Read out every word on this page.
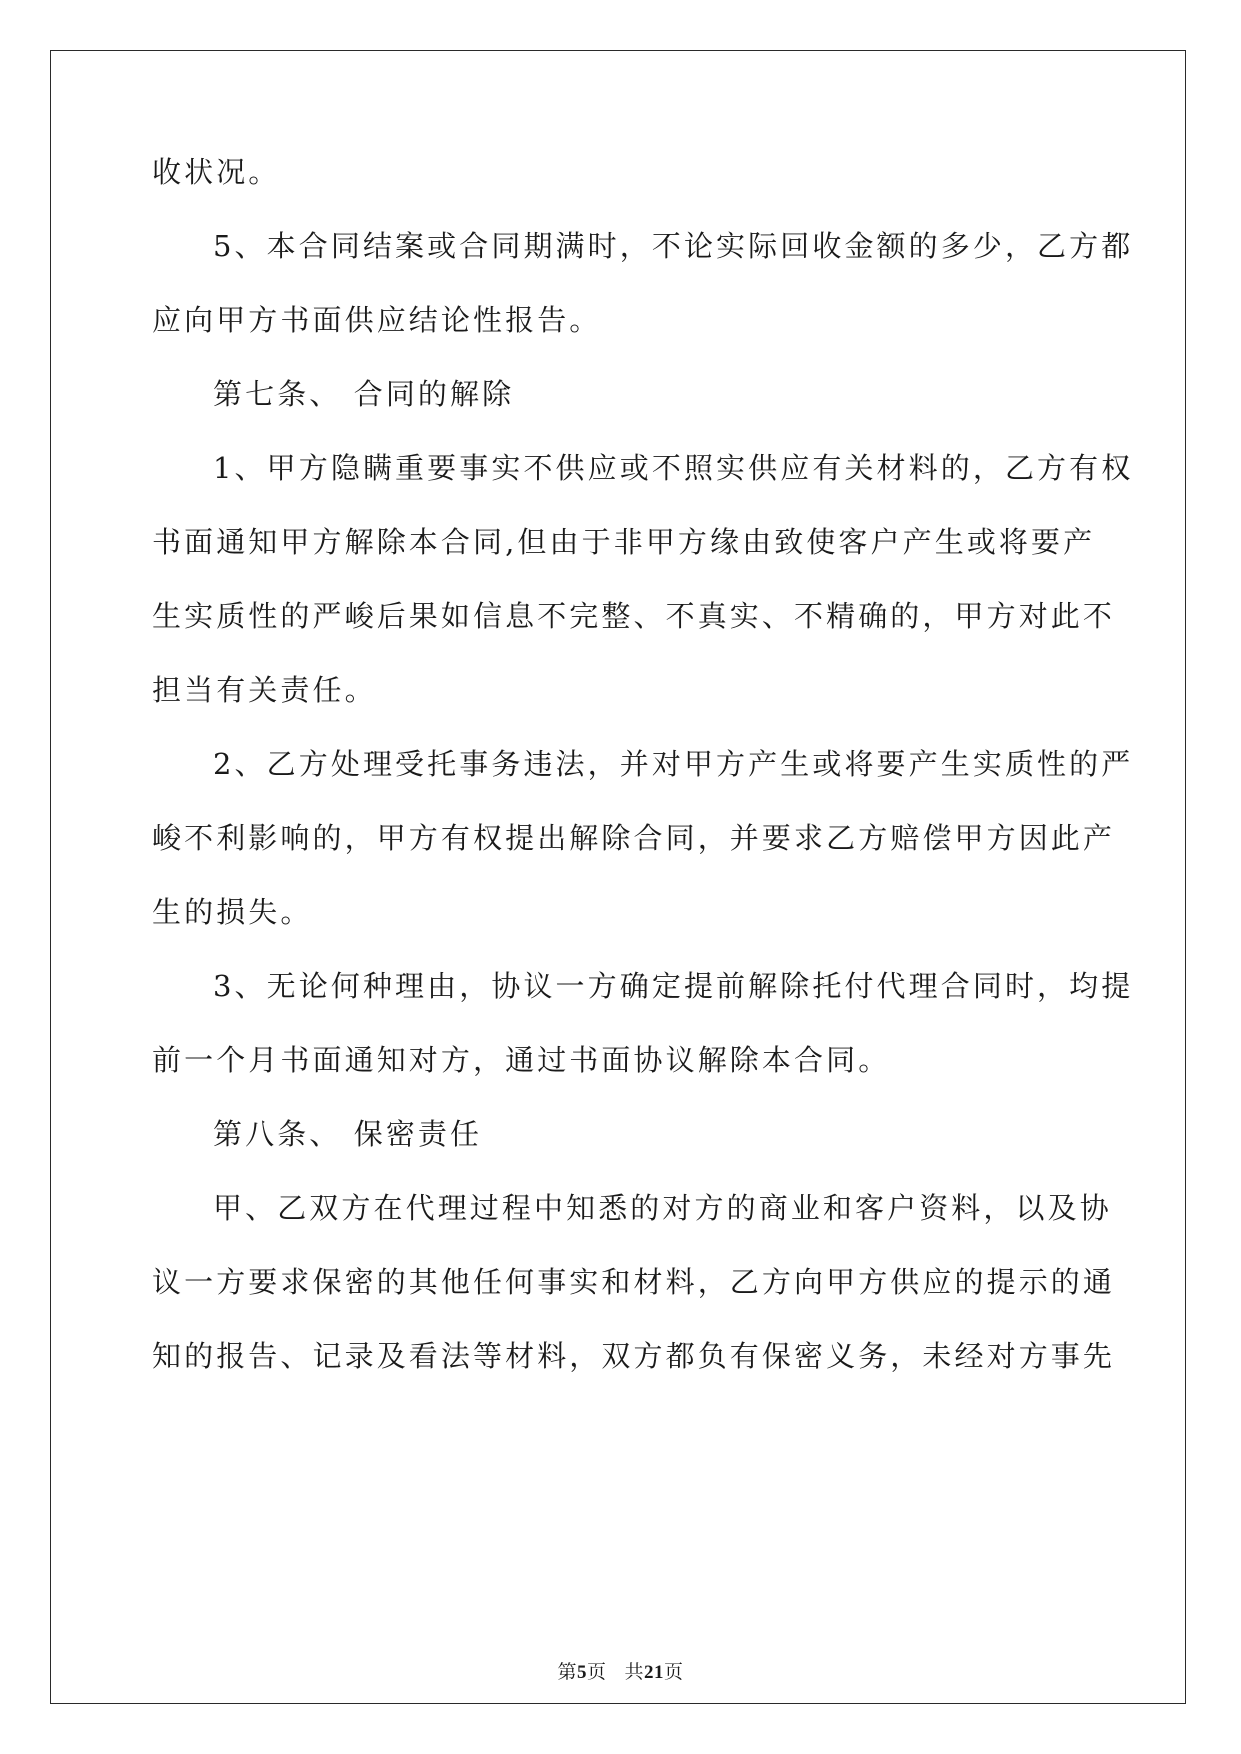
收状况。
5、本合同结案或合同期满时，不论实际回收金额的多少，乙方都
应向甲方书面供应结论性报告。
第七条、 合同的解除
1、甲方隐瞒重要事实不供应或不照实供应有关材料的，乙方有权
书面通知甲方解除本合同,但由于非甲方缘由致使客户产生或将要产
生实质性的严峻后果如信息不完整、不真实、不精确的，甲方对此不
担当有关责任。
2、乙方处理受托事务违法，并对甲方产生或将要产生实质性的严
峻不利影响的，甲方有权提出解除合同，并要求乙方赔偿甲方因此产
生的损失。
3、无论何种理由，协议一方确定提前解除托付代理合同时，均提
前一个月书面通知对方，通过书面协议解除本合同。
第八条、 保密责任
甲、乙双方在代理过程中知悉的对方的商业和客户资料，以及协
议一方要求保密的其他任何事实和材料，乙方向甲方供应的提示的通
知的报告、记录及看法等材料，双方都负有保密义务，未经对方事先
第5页 共21页
